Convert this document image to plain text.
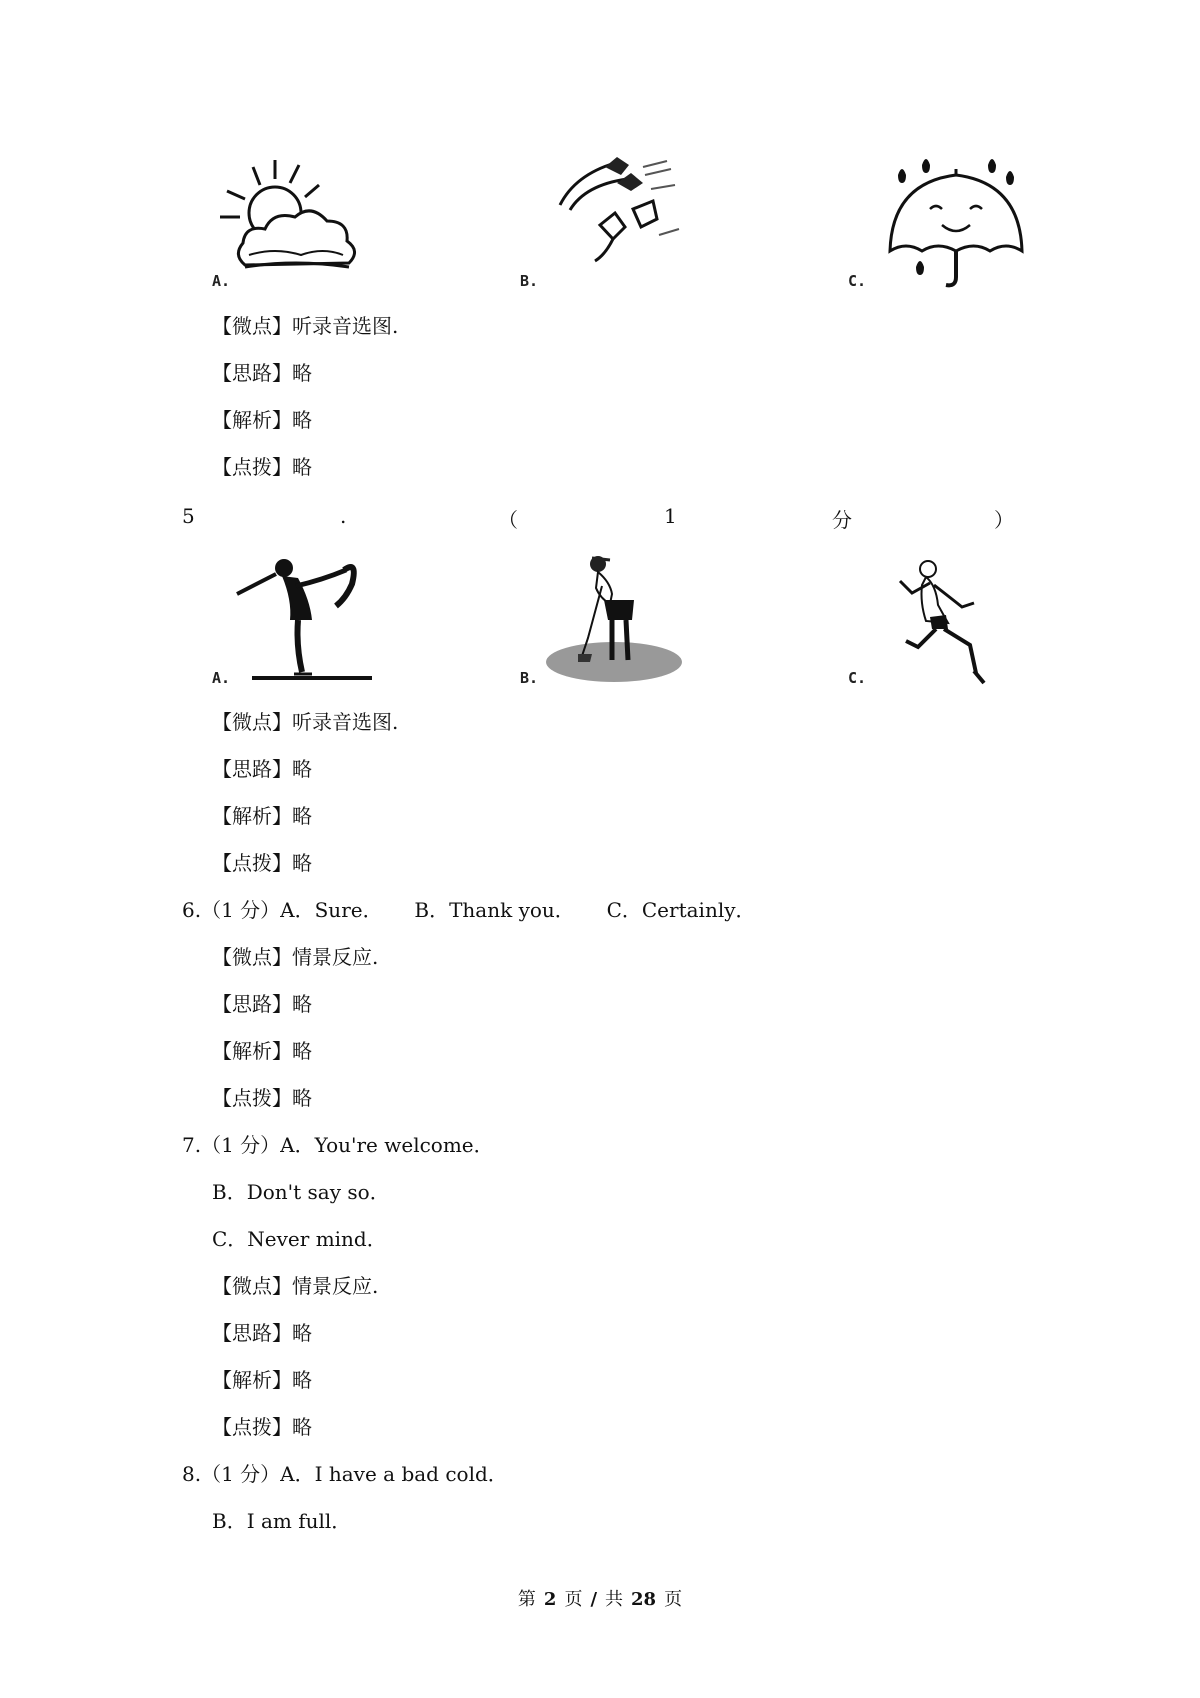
A.	B.	C.
【微点】听录音选图.
【思路】略
【解析】略
【点拨】略
5	.	（	1	分	）
A.	B.	C.
【微点】听录音选图.
【思路】略
【解析】略
【点拨】略
6.（1 分）A．Sure．     B．Thank you．     C．Certainly．
【微点】情景反应.
【思路】略
【解析】略
【点拨】略
7.（1 分）A．You're welcome．
B．Don't say so．
C．Never mind．
【微点】情景反应.
【思路】略
【解析】略
【点拨】略
8.（1 分）A．I have a bad cold．
B．I am full．
第 2 页 / 共 28 页
